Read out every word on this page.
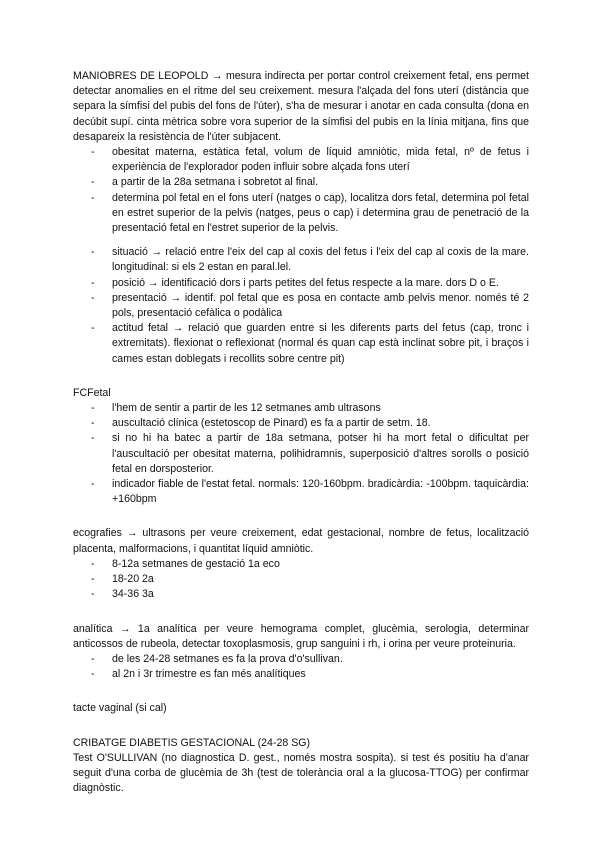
MANIOBRES DE LEOPOLD → mesura indirecta per portar control creixement fetal, ens permet detectar anomalies en el ritme del seu creixement. mesura l'alçada del fons uterí (distància que separa la símfisi del pubis del fons de l'úter), s'ha de mesurar i anotar en cada consulta (dona en decúbit supí. cinta mètrica sobre vora superior de la símfisi del pubis en la línia mitjana, fins que desapareix la resistència de l'úter subjacent.

- obesitat materna, estàtica fetal, volum de líquid amniòtic, mida fetal, nº de fetus i experiència de l'explorador poden influir sobre alçada fons uterí
- a partir de la 28a setmana i sobretot al final.
- determina pol fetal en el fons uterí (natges o cap), localitza dors fetal, determina pol fetal en estret superior de la pelvis (natges, peus o cap) i determina grau de penetració de la presentació fetal en l'estret superior de la pelvis.
- situació → relació entre l'eix del cap al coxis del fetus i l'eix del cap al coxis de la mare. longitudinal: si els 2 estan en paral.lel.
- posició → identificació dors i parts petites del fetus respecte a la mare. dors D o E.
- presentació → identif. pol fetal que es posa en contacte amb pelvis menor. només té 2 pols, presentació cefàlica o podàlica
- actitud fetal → relació que guarden entre si les diferents parts del fetus (cap, tronc i extremitats). flexionat o reflexionat (normal és quan cap està inclinat sobre pit, i braços i cames estan doblegats i recollits sobre centre pit)

FCFetal

- l'hem de sentir a partir de les 12 setmanes amb ultrasons
- auscultació clínica (estetoscop de Pinard) es fa a partir de setm. 18.
- si no hi ha batec a partir de 18a setmana, potser hi ha mort fetal o dificultat per l'auscultació per obesitat materna, polihidramnis, superposició d'altres sorolls o posició fetal en dorsposterior.
- indicador fiable de l'estat fetal. normals: 120-160bpm. bradicàrdia: -100bpm. taquicàrdia: +160bpm

ecografies → ultrasons per veure creixement, edat gestacional, nombre de fetus, localització placenta, malformacions, i quantitat líquid amniòtic.

- 8-12a setmanes de gestació 1a eco
- 18-20 2a
- 34-36 3a

analítica → 1a analítica per veure hemograma complet, glucèmia, serologia, determinar anticossos de rubeola, detectar toxoplasmosis, grup sanguini i rh, i orina per veure proteinuria.

- de les 24-28 setmanes es fa la prova d'o'sullivan.
- al 2n i 3r trimestre es fan més analítiques

tacte vaginal (si cal)

CRIBATGE DIABETIS GESTACIONAL (24-28 SG)

Test O'SULLIVAN (no diagnostica D. gest., només mostra sospita). si test és positiu ha d'anar seguit d'una corba de glucèmia de 3h (test de tolerància oral a la glucosa-TTOG) per confirmar diagnòstic.
